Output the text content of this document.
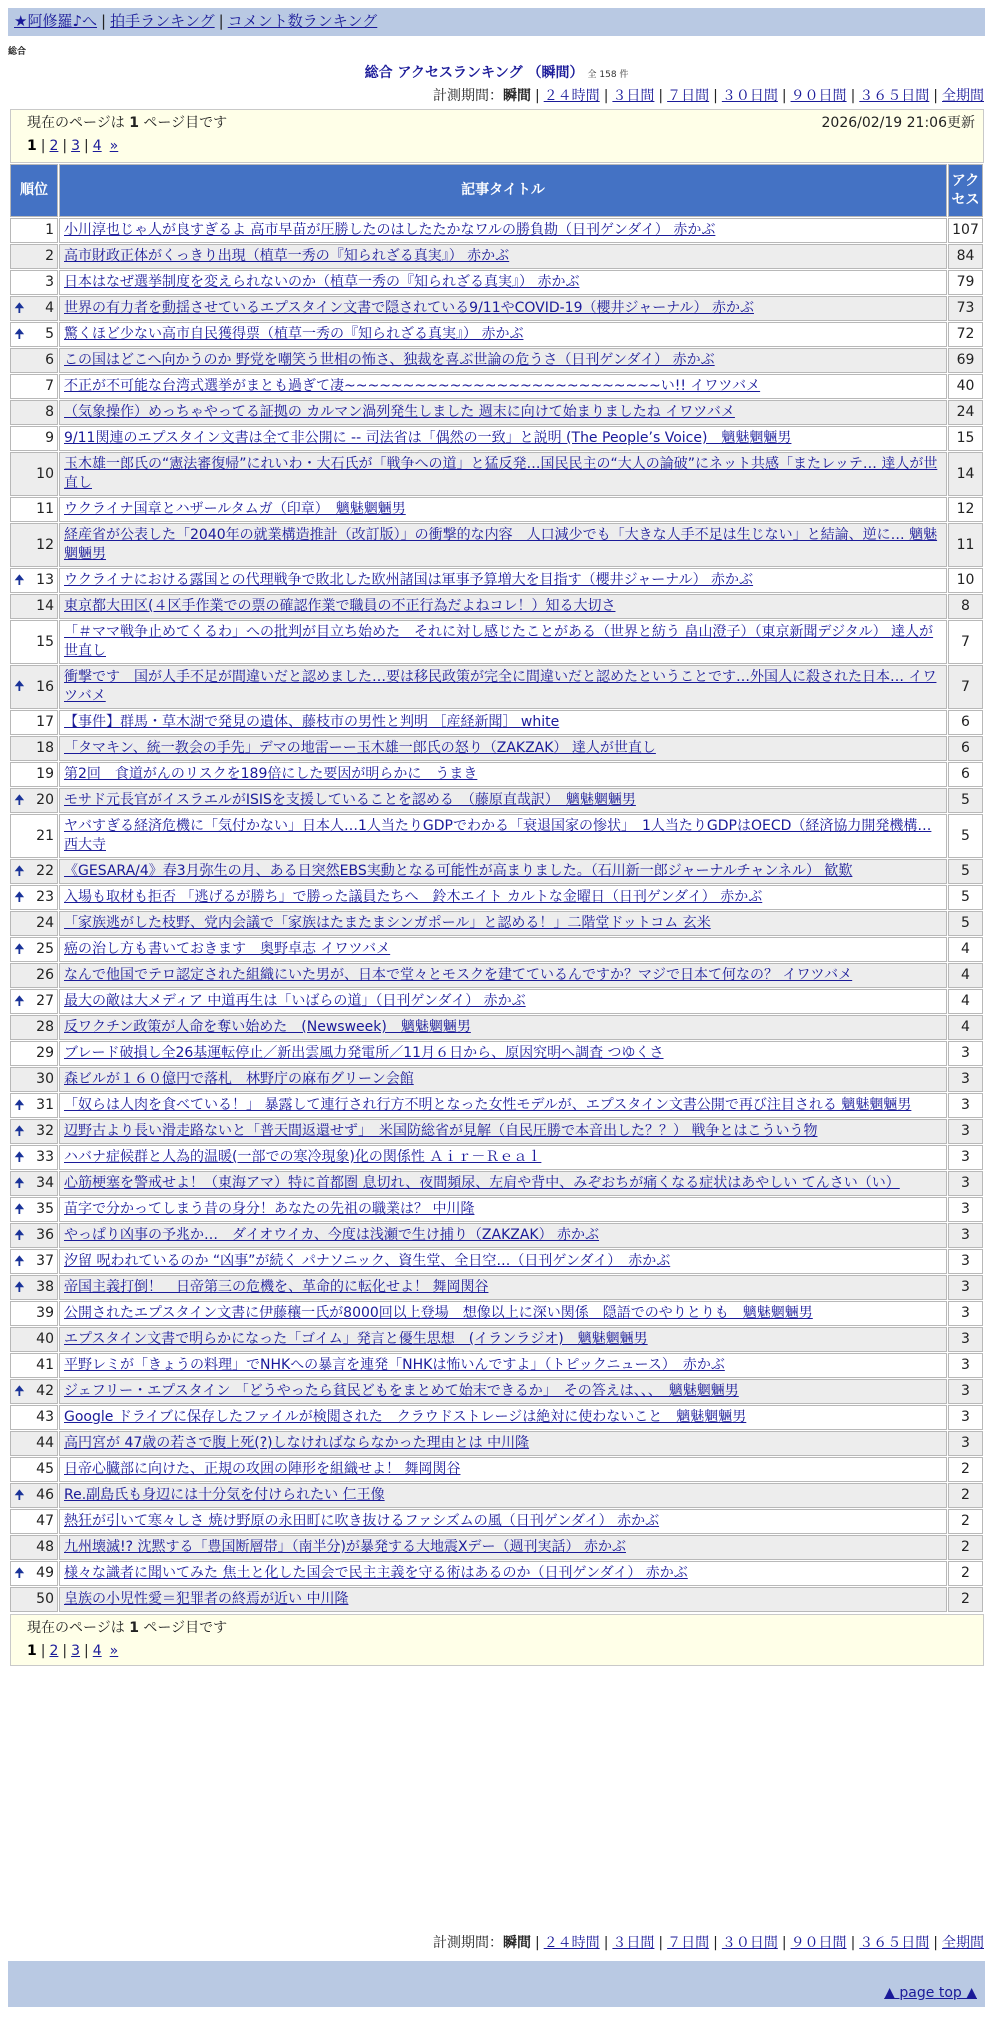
★阿修羅♪へ | 拍手ランキング | コメント数ランキング
総合
総合 アクセスランキング （瞬間） 全 158 件
計測期間：瞬間 | ２４時間 | ３日間 | ７日間 | ３０日間 | ９０日間 | ３６５日間 | 全期間
現在のページは 1 ページ目です	2026/02/19 21:06更新
1 | 2 | 3 | 4 »
順位	記事タイトル	アクセス
1	小川淳也じゃ人が良すぎるよ 高市早苗が圧勝したのはしたたかなワルの勝負勘（日刊ゲンダイ） 赤かぶ	107
2	高市財政正体がくっきり出現（植草一秀の『知られざる真実』） 赤かぶ	84
3	日本はなぜ選挙制度を変えられないのか（植草一秀の『知られざる真実』） 赤かぶ	79

🠉 4	世界の有力者を動揺させているエプスタイン文書で隠されている9/11やCOVID-19（櫻井ジャーナル） 赤かぶ	73

🠉 5	驚くほど少ない高市自民獲得票（植草一秀の『知られざる真実』） 赤かぶ	72
6	この国はどこへ向かうのか 野党を嘲笑う世相の怖さ、独裁を喜ぶ世論の危うさ（日刊ゲンダイ） 赤かぶ	69
7	不正が不可能な台湾式選挙がまとも過ぎて凄~~~~~~~~~~~~~~~~~~~~~~~~~~~い!! イワツバメ	40
8	（気象操作）めっちゃやってる証拠の カルマン渦列発生しました 週末に向けて始まりましたね イワツバメ	24
9	9/11関連のエプスタイン文書は全て非公開に -- 司法省は「偶然の一致」と説明 (The People’s Voice)　魑魅魍魎男	15
10	玉木雄一郎氏の“憲法審復帰”にれいわ・大石氏が「戦争への道」と猛反発…国民民主の“大人の論破”にネット共感「またレッテ… 達人が世直し	14
11	ウクライナ国章とハザールタムガ（印章）　魑魅魍魎男	12
12	経産省が公表した「2040年の就業構造推計（改訂版）」の衝撃的な内容　人口減少でも「大きな人手不足は生じない」と結論、逆に… 魑魅魍魎男	11

🠉 13	ウクライナにおける露国との代理戦争で敗北した欧州諸国は軍事予算増大を目指す（櫻井ジャーナル） 赤かぶ	10
14	東京都大田区(４区手作業での票の確認作業で職員の不正行為だよねコレ！）知る大切さ	8
15	「＃ママ戦争止めてくるわ」への批判が目立ち始めた　それに対し感じたことがある（世界と紡う 畠山澄子）（東京新聞デジタル） 達人が世直し	7

🠉 16	衝撃です　国が人手不足が間違いだと認めました…要は移民政策が完全に間違いだと認めたということです…外国人に殺された日本… イワツバメ	7
17	【事件】群馬・草木湖で発見の遺体、藤枝市の男性と判明 ［産経新聞］ white	6
18	「タマキン、統一教会の手先」デマの地雷ーー玉木雄一郎氏の怒り（ZAKZAK） 達人が世直し	6
19	第2回　食道がんのリスクを189倍にした要因が明らかに　うまき	6

🠉 20	モサド元長官がイスラエルがISISを支援していることを認める　（藤原直哉訳）　魑魅魍魎男	5
21	ヤバすぎる経済危機に「気付かない」日本人…1人当たりGDPでわかる「衰退国家の惨状」　1人当たりGDPはOECD（経済協力開発機構… 西大寺	5

🠉 22	《GESARA/4》春3月弥生の月、ある日突然EBS実動となる可能性が高まりました。（石川新一郎ジャーナルチャンネル） 歓歎	5

🠉 23	入場も取材も拒否 「逃げるが勝ち」で勝った議員たちへ　鈴木エイト カルトな金曜日（日刊ゲンダイ） 赤かぶ	5
24	「家族逃がした枝野、党内会議で「家族はたまたまシンガポール」と認める！」二階堂ドットコム 玄米	5

🠉 25	癌の治し方も書いておきます　奥野卓志 イワツバメ	4
26	なんで他国でテロ認定された組織にいた男が、日本で堂々とモスクを建てているんですか？マジで日本て何なの？ イワツバメ	4

🠉 27	最大の敵は大メディア 中道再生は「いばらの道」（日刊ゲンダイ） 赤かぶ	4
28	反ワクチン政策が人命を奪い始めた　(Newsweek)　魑魅魍魎男	4
29	ブレード破損し全26基運転停止／新出雲風力発電所／11月６日から、原因究明へ調査 つゆくさ	3
30	森ビルが１６０億円で落札　林野庁の麻布グリーン会館	3

🠉 31	「奴らは人肉を食べている！」 暴露して連行され行方不明となった女性モデルが、エプスタイン文書公開で再び注目される 魑魅魍魎男	3

🠉 32	辺野古より長い滑走路ないと「普天間返還せず」　米国防総省が見解（自民圧勝で本音出した？？） 戦争とはこういう物	3

🠉 33	ハバナ症候群と人為的温暖(一部での寒冷現象)化の関係性 Ａｉｒ－Ｒｅａｌ	3

🠉 34	心筋梗塞を警戒せよ！（東海アマ）特に首都圏 息切れ、夜間頻尿、左肩や背中、みぞおちが痛くなる症状はあやしい てんさい（い）	3

🠉 35	苗字で分かってしまう昔の身分！あなたの先祖の職業は？ 中川隆	3

🠉 36	やっぱり凶事の予兆か…　ダイオウイカ、今度は浅瀬で生け捕り（ZAKZAK） 赤かぶ	3

🠉 37	汐留 呪われているのか “凶事”が続く パナソニック、資生堂、全日空…（日刊ゲンダイ）　赤かぶ	3

🠉 38	帝国主義打倒！　日帝第三の危機を、革命的に転化せよ！ 舞岡関谷	3
39	公開されたエプスタイン文書に伊藤穰一氏が8000回以上登場　想像以上に深い関係　隠語でのやりとりも　魑魅魍魎男	3
40	エプスタイン文書で明らかになった「ゴイム」発言と優生思想　(イランラジオ)　魑魅魍魎男	3
41	平野レミが「きょうの料理」でNHKへの暴言を連発「NHKは怖いんですよ」（トピックニュース）　赤かぶ	3

🠉 42	ジェフリー・エプスタイン 「どうやったら貧民どもをまとめて始末できるか」　その答えは、、、　魑魅魍魎男	3
43	Google ドライブに保存したファイルが検閲された　クラウドストレージは絶対に使わないこと　魑魅魍魎男	3
44	高円宮が 47歳の若さで腹上死(?)しなければならなかった理由とは 中川隆	3
45	日帝心臓部に向けた、正規の攻囲の陣形を組織せよ！ 舞岡関谷	2

🠉 46	Re.副島氏も身辺には十分気を付けられたい 仁王像	2
47	熱狂が引いて寒々しさ 焼け野原の永田町に吹き抜けるファシズムの風（日刊ゲンダイ） 赤かぶ	2
48	九州壊滅!? 沈黙する「豊国断層帯」（南半分)が暴発する大地震Xデー（週刊実話） 赤かぶ	2

🠉 49	様々な識者に聞いてみた 焦土と化した国会で民主主義を守る術はあるのか（日刊ゲンダイ） 赤かぶ	2
50	皇族の小児性愛＝犯罪者の終焉が近い 中川隆	2
計測期間：瞬間 | ２４時間 | ３日間 | ７日間 | ３０日間 | ９０日間 | ３６５日間 | 全期間
▲ page top ▲
現在のページは 1 ページ目です
1 | 2 | 3 | 4 »
